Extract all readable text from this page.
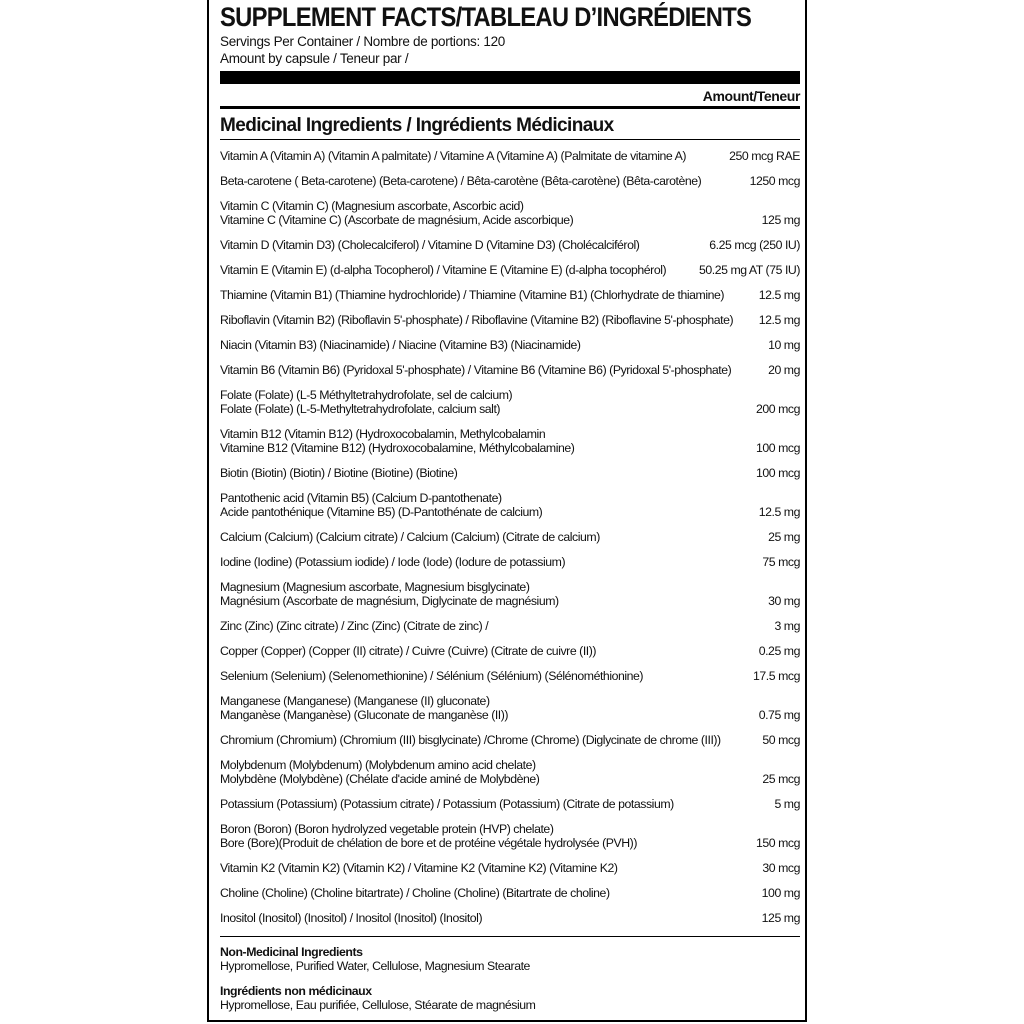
SUPPLEMENT FACTS/TABLEAU D’INGRÉDIENTS
Servings Per Container / Nombre de portions: 120
Amount by capsule / Teneur par /
Amount/Teneur
Medicinal Ingredients / Ingrédients Médicinaux
Vitamin A (Vitamin A) (Vitamin A palmitate) / Vitamine A (Vitamine A) (Palmitate de vitamine A)	250 mcg RAE
Beta-carotene ( Beta-carotene) (Beta-carotene) / Bêta-carotène (Bêta-carotène) (Bêta-carotène)	1250 mcg
Vitamin C (Vitamin C) (Magnesium ascorbate, Ascorbic acid)
Vitamine C (Vitamine C) (Ascorbate de magnésium, Acide ascorbique)	125 mg
Vitamin D (Vitamin D3) (Cholecalciferol) / Vitamine D (Vitamine D3) (Cholécalciférol)	6.25 mcg (250 IU)
Vitamin E (Vitamin E) (d-alpha Tocopherol) / Vitamine E (Vitamine E) (d-alpha tocophérol)	50.25 mg AT (75 IU)
Thiamine (Vitamin B1) (Thiamine hydrochloride) / Thiamine (Vitamine B1) (Chlorhydrate de thiamine)	12.5 mg
Riboflavin (Vitamin B2) (Riboflavin 5'-phosphate) / Riboflavine (Vitamine B2) (Riboflavine 5'-phosphate)	12.5 mg
Niacin (Vitamin B3) (Niacinamide) / Niacine (Vitamine B3) (Niacinamide)	10 mg
Vitamin B6 (Vitamin B6) (Pyridoxal 5'-phosphate) / Vitamine B6 (Vitamine B6) (Pyridoxal 5'-phosphate)	20 mg
Folate (Folate) (L-5 Méthyltetrahydrofolate, sel de calcium)
Folate (Folate) (L-5-Methyltetrahydrofolate, calcium salt)	200 mcg
Vitamin B12 (Vitamin B12) (Hydroxocobalamin, Methylcobalamin
Vitamine B12 (Vitamine B12) (Hydroxocobalamine, Méthylcobalamine)	100 mcg
Biotin (Biotin) (Biotin) / Biotine (Biotine) (Biotine)	100 mcg
Pantothenic acid (Vitamin B5) (Calcium D-pantothenate)
Acide pantothénique (Vitamine B5) (D-Pantothénate de calcium)	12.5 mg
Calcium (Calcium) (Calcium citrate) / Calcium (Calcium) (Citrate de calcium)	25 mg
Iodine (Iodine) (Potassium iodide) / Iode (Iode) (Iodure de potassium)	75 mcg
Magnesium (Magnesium ascorbate, Magnesium bisglycinate)
Magnésium (Ascorbate de magnésium, Diglycinate de magnésium)	30 mg
Zinc (Zinc) (Zinc citrate) / Zinc (Zinc) (Citrate de zinc) /	3 mg
Copper (Copper) (Copper (II) citrate) / Cuivre (Cuivre) (Citrate de cuivre (II))	0.25 mg
Selenium (Selenium) (Selenomethionine) / Sélénium (Sélénium) (Sélénométhionine)	17.5 mcg
Manganese (Manganese) (Manganese (II) gluconate)
Manganèse (Manganèse) (Gluconate de manganèse (II))	0.75 mg
Chromium (Chromium) (Chromium (III) bisglycinate) /Chrome (Chrome) (Diglycinate de chrome (III))	50 mcg
Molybdenum (Molybdenum) (Molybdenum amino acid chelate)
Molybdène (Molybdène) (Chélate d'acide aminé de Molybdène)	25 mcg
Potassium (Potassium) (Potassium citrate) / Potassium (Potassium) (Citrate de potassium)	5 mg
Boron (Boron) (Boron hydrolyzed vegetable protein (HVP) chelate)
Bore (Bore)(Produit de chélation de bore et de protéine végétale hydrolysée (PVH))	150 mcg
Vitamin K2 (Vitamin K2) (Vitamin K2) / Vitamine K2 (Vitamine K2) (Vitamine K2)	30 mcg
Choline (Choline) (Choline bitartrate) / Choline (Choline) (Bitartrate de choline)	100 mg
Inositol (Inositol) (Inositol) / Inositol (Inositol) (Inositol)	125 mg
Non-Medicinal Ingredients
Hypromellose, Purified Water, Cellulose, Magnesium Stearate
Ingrédients non médicinaux
Hypromellose, Eau purifiée, Cellulose, Stéarate de magnésium
